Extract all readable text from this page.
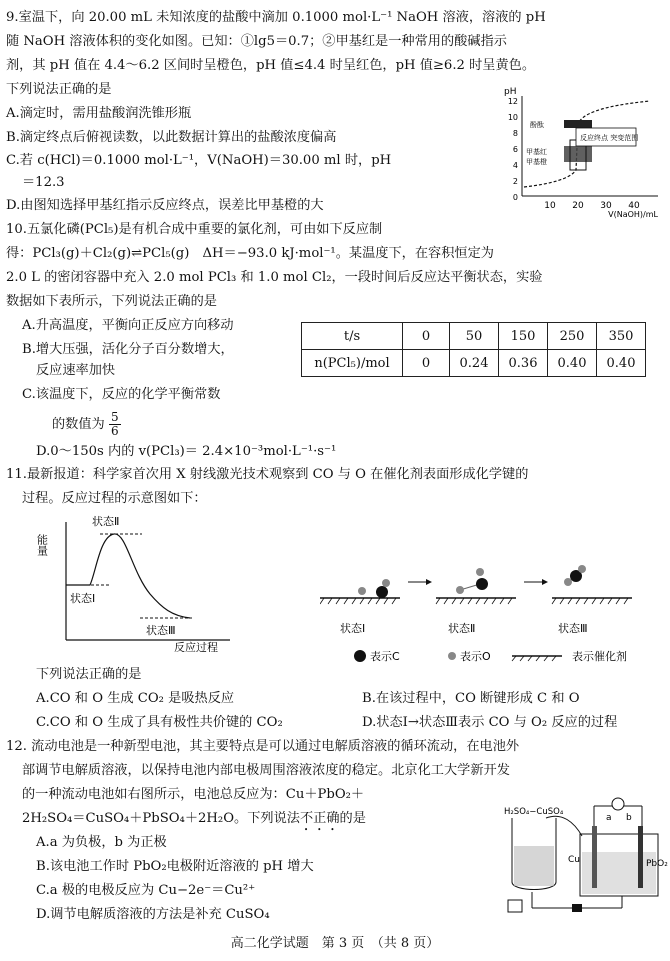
9.室温下，向 20.00 mL 未知浓度的盐酸中滴加 0.1000 mol·L⁻¹ NaOH 溶液，溶液的 pH
随 NaOH 溶液体积的变化如图。已知：①lg5＝0.7；②甲基红是一种常用的酸碱指示
剂，其 pH 值在 4.4～6.2 区间时呈橙色，pH 值≤4.4 时呈红色，pH 值≥6.2 时呈黄色。
下列说法正确的是
A.滴定时，需用盐酸润洗锥形瓶
B.滴定终点后俯视读数，以此数据计算出的盐酸浓度偏高
C.若 c(HCl)＝0.1000 mol·L⁻¹，V(NaOH)＝30.00 ml 时，pH
＝12.3
D.由图知选择甲基红指示反应终点，误差比甲基橙的大
pH
12
10
8
6
4
2
0
10 20 30 40
V(NaOH)/mL
酚酞
反应终点 突变范围
甲基红
甲基橙
10.五氯化磷(PCl₅)是有机合成中重要的氯化剂，可由如下反应制
得：PCl₃(g)＋Cl₂(g)⇌PCl₅(g)　ΔH＝−93.0 kJ·mol⁻¹。某温度下，在容积恒定为
2.0 L 的密闭容器中充入 2.0 mol PCl₃ 和 1.0 mol Cl₂，一段时间后反应达平衡状态，实验
数据如下表所示，下列说法正确的是
A.升高温度，平衡向正反应方向移动
B.增大压强，活化分子百分数增大，
反应速率加快
C.该温度下，反应的化学平衡常数
的数值为 $\frac{5}{6}$
D.0～150s 内的 v(PCl₃)＝ 2.4×10⁻³mol·L⁻¹·s⁻¹
t/s	0	50	150	250	350
n(PCl₅)/mol	0	0.24	0.36	0.40	0.40
11.最新报道：科学家首次用 X 射线激光技术观察到 CO 与 O 在催化剂表面形成化学键的
过程。反应过程的示意图如下：
能量
状态Ⅱ
状态Ⅰ
状态Ⅲ
反应过程
状态Ⅰ	状态Ⅱ	状态Ⅲ
表示C	表示O	表示催化剂
下列说法正确的是
A.CO 和 O 生成 CO₂ 是吸热反应	B.在该过程中，CO 断键形成 C 和 O
C.CO 和 O 生成了具有极性共价键的 CO₂	D.状态Ⅰ→状态Ⅲ表示 CO 与 O₂ 反应的过程
12. 流动电池是一种新型电池，其主要特点是可以通过电解质溶液的循环流动，在电池外
部调节电解质溶液，以保持电池内部电极周围溶液浓度的稳定。北京化工大学新开发
的一种流动电池如右图所示，电池总反应为：Cu＋PbO₂＋
2H₂SO₄＝CuSO₄＋PbSO₄＋2H₂O。下列说法不正确的是
A.a 为负极，b 为正极
B.该电池工作时 PbO₂电极附近溶液的 pH 增大
C.a 极的电极反应为 Cu−2e⁻＝Cu²⁺
D.调节电解质溶液的方法是补充 CuSO₄
H₂SO₄−CuSO₄
a b
Cu	PbO₂
高二化学试题　第 3 页　（共 8 页）
